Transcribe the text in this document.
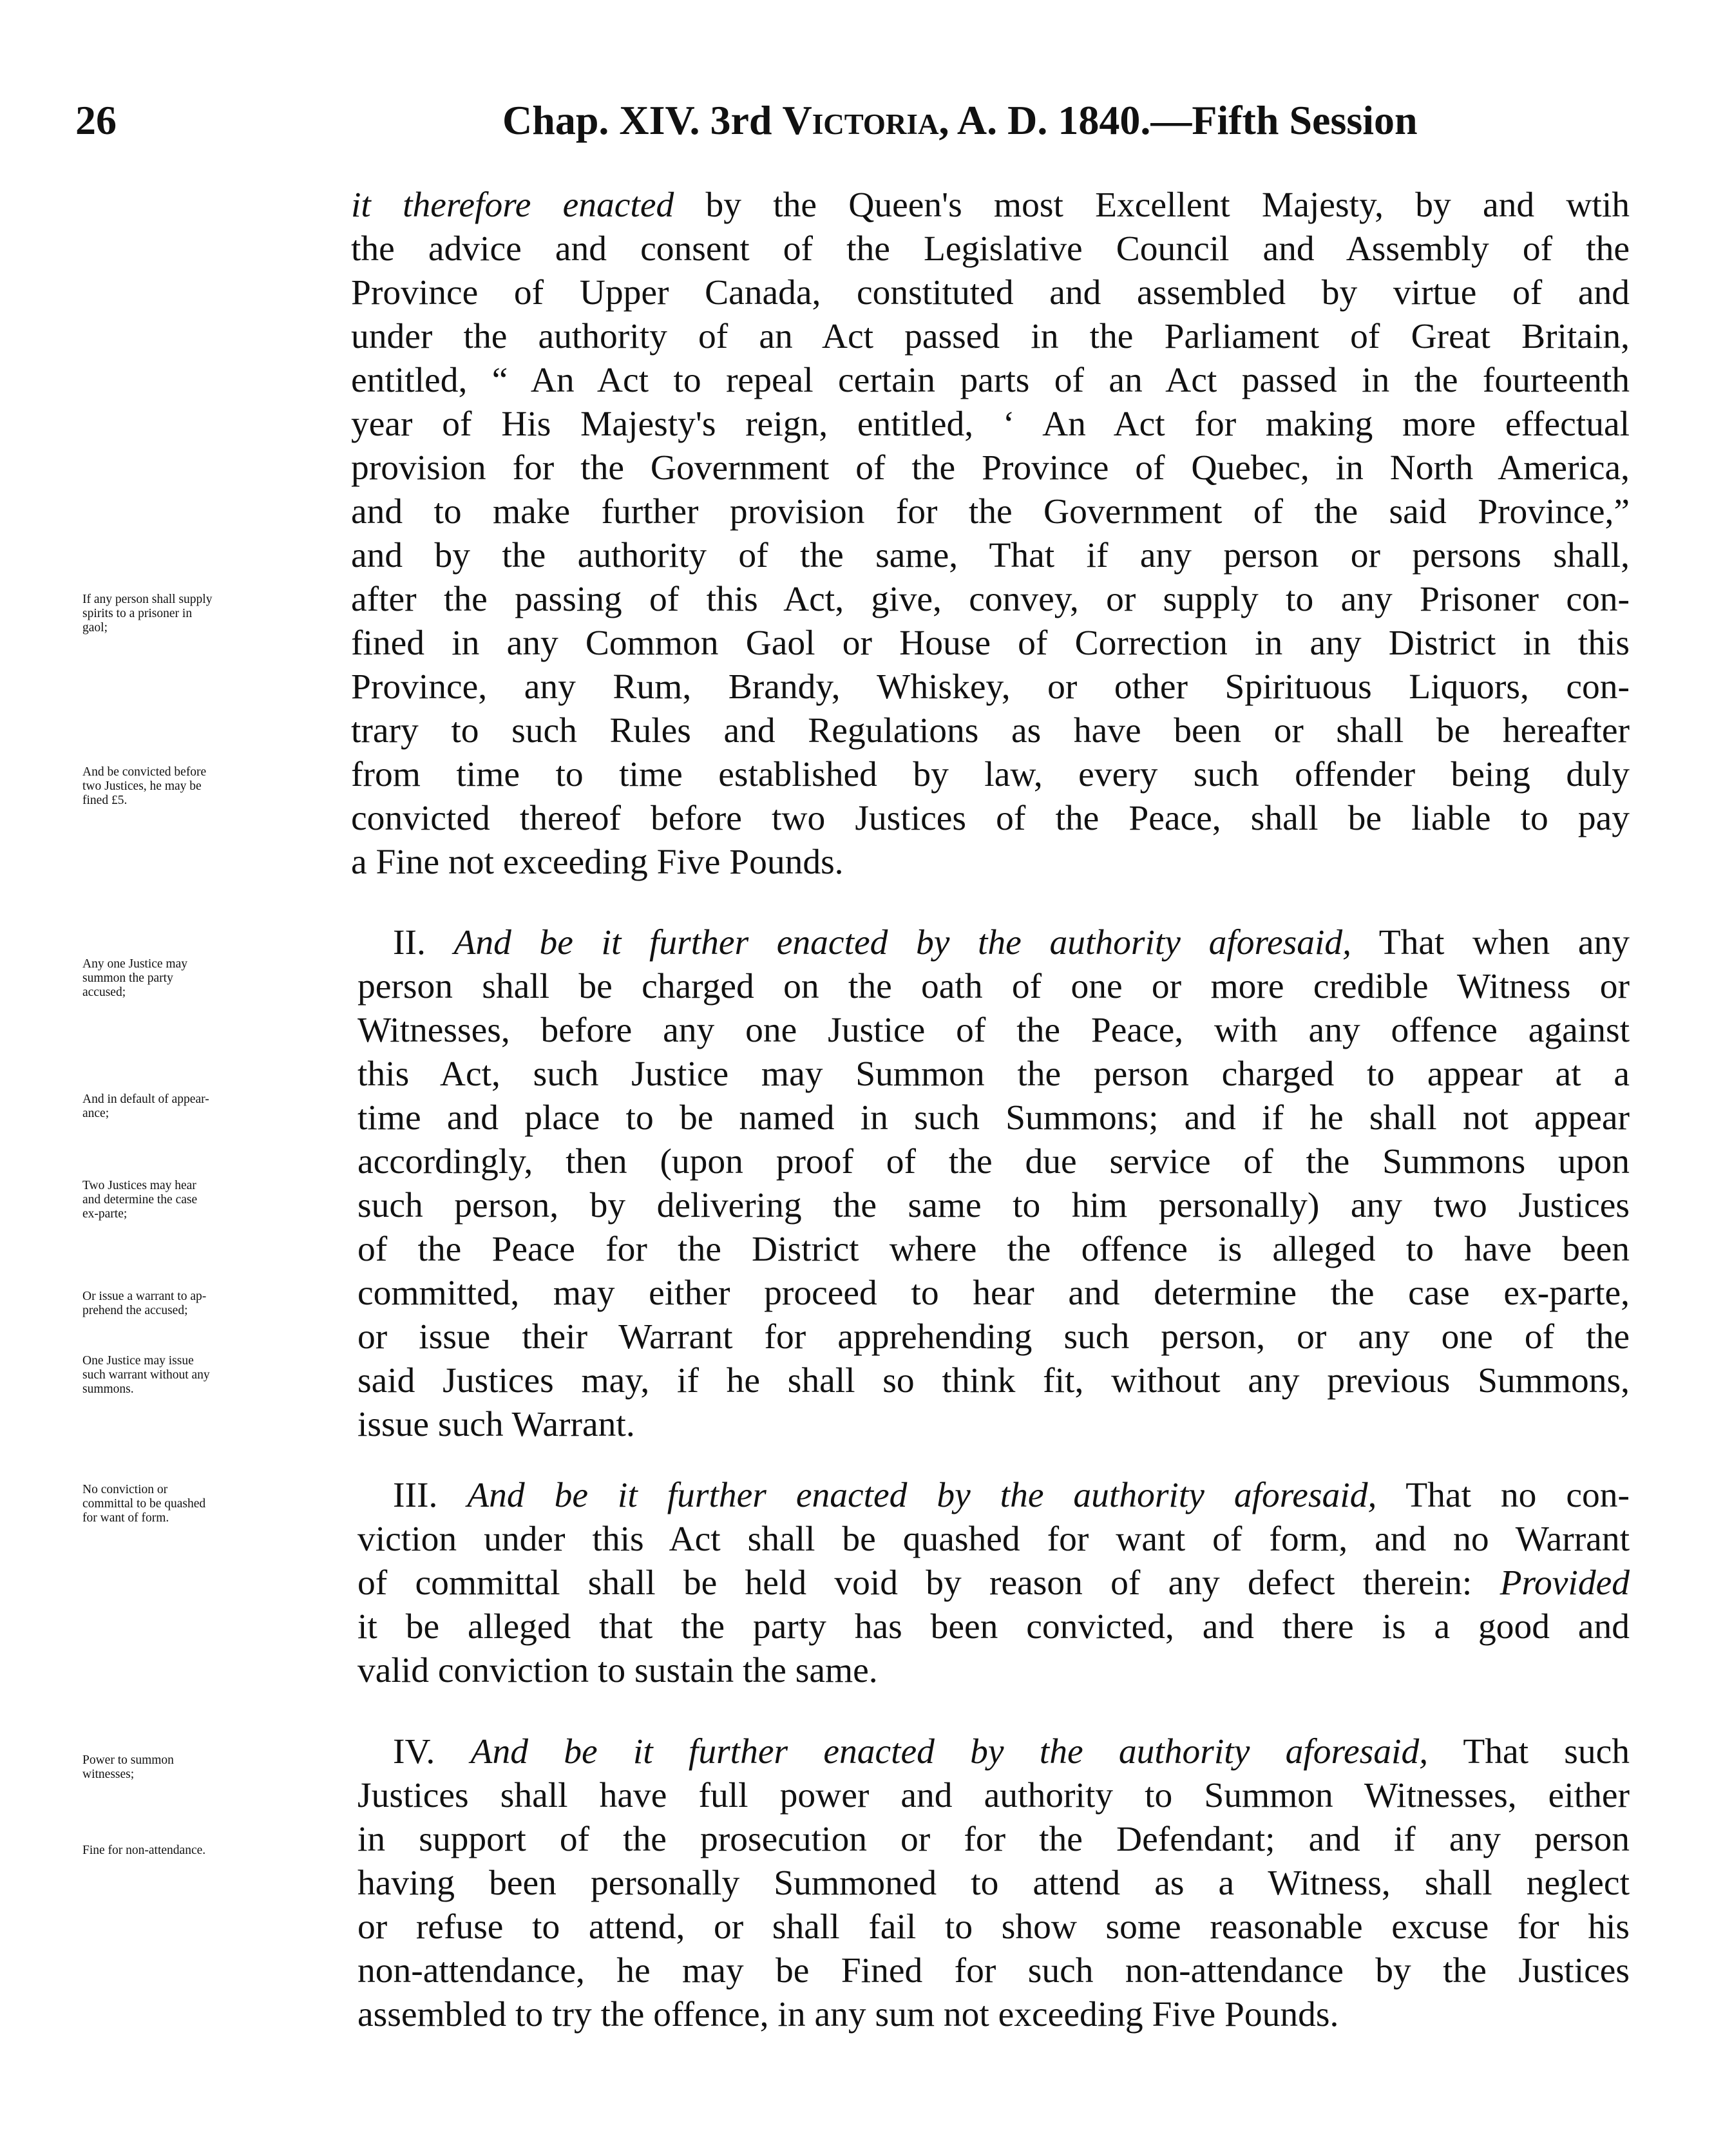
26	Chap. XIV. 3rd Victoria, A. D. 1840.—Fifth Session
If any person shall supply
spirits to a prisoner in
gaol;
And be convicted before
two Justices, he may be
fined £5.
Any one Justice may
summon the party
accused;
And in default of appear-
ance;
Two Justices may hear
and determine the case
ex-parte;
Or issue a warrant to ap-
prehend the accused;
One Justice may issue
such warrant without any
summons.
No conviction or
committal to be quashed
for want of form.
Power to summon
witnesses;
Fine for non-attendance.
it therefore enacted by the Queen's most Excellent Majesty, by and wtih
the advice and consent of the Legislative Council and Assembly of the
Province of Upper Canada, constituted and assembled by virtue of and
under the authority of an Act passed in the Parliament of Great Britain,
entitled, “ An Act to repeal certain parts of an Act passed in the fourteenth
year of His Majesty's reign, entitled, ‘ An Act for making more effectual
provision for the Government of the Province of Quebec, in North America,
and to make further provision for the Government of the said Province,”
and by the authority of the same, That if any person or persons shall,
after the passing of this Act, give, convey, or supply to any Prisoner con-
fined in any Common Gaol or House of Correction in any District in this
Province, any Rum, Brandy, Whiskey, or other Spirituous Liquors, con-
trary to such Rules and Regulations as have been or shall be hereafter
from time to time established by law, every such offender being duly
convicted thereof before two Justices of the Peace, shall be liable to pay
a Fine not exceeding Five Pounds.
II. And be it further enacted by the authority aforesaid, That when any
person shall be charged on the oath of one or more credible Witness or
Witnesses, before any one Justice of the Peace, with any offence against
this Act, such Justice may Summon the person charged to appear at a
time and place to be named in such Summons; and if he shall not appear
accordingly, then (upon proof of the due service of the Summons upon
such person, by delivering the same to him personally) any two Justices
of the Peace for the District where the offence is alleged to have been
committed, may either proceed to hear and determine the case ex-parte,
or issue their Warrant for apprehending such person, or any one of the
said Justices may, if he shall so think fit, without any previous Summons,
issue such Warrant.
III. And be it further enacted by the authority aforesaid, That no con-
viction under this Act shall be quashed for want of form, and no Warrant
of committal shall be held void by reason of any defect therein: Provided
it be alleged that the party has been convicted, and there is a good and
valid conviction to sustain the same.
IV. And be it further enacted by the authority aforesaid, That such
Justices shall have full power and authority to Summon Witnesses, either
in support of the prosecution or for the Defendant; and if any person
having been personally Summoned to attend as a Witness, shall neglect
or refuse to attend, or shall fail to show some reasonable excuse for his
non-attendance, he may be Fined for such non-attendance by the Justices
assembled to try the offence, in any sum not exceeding Five Pounds.
